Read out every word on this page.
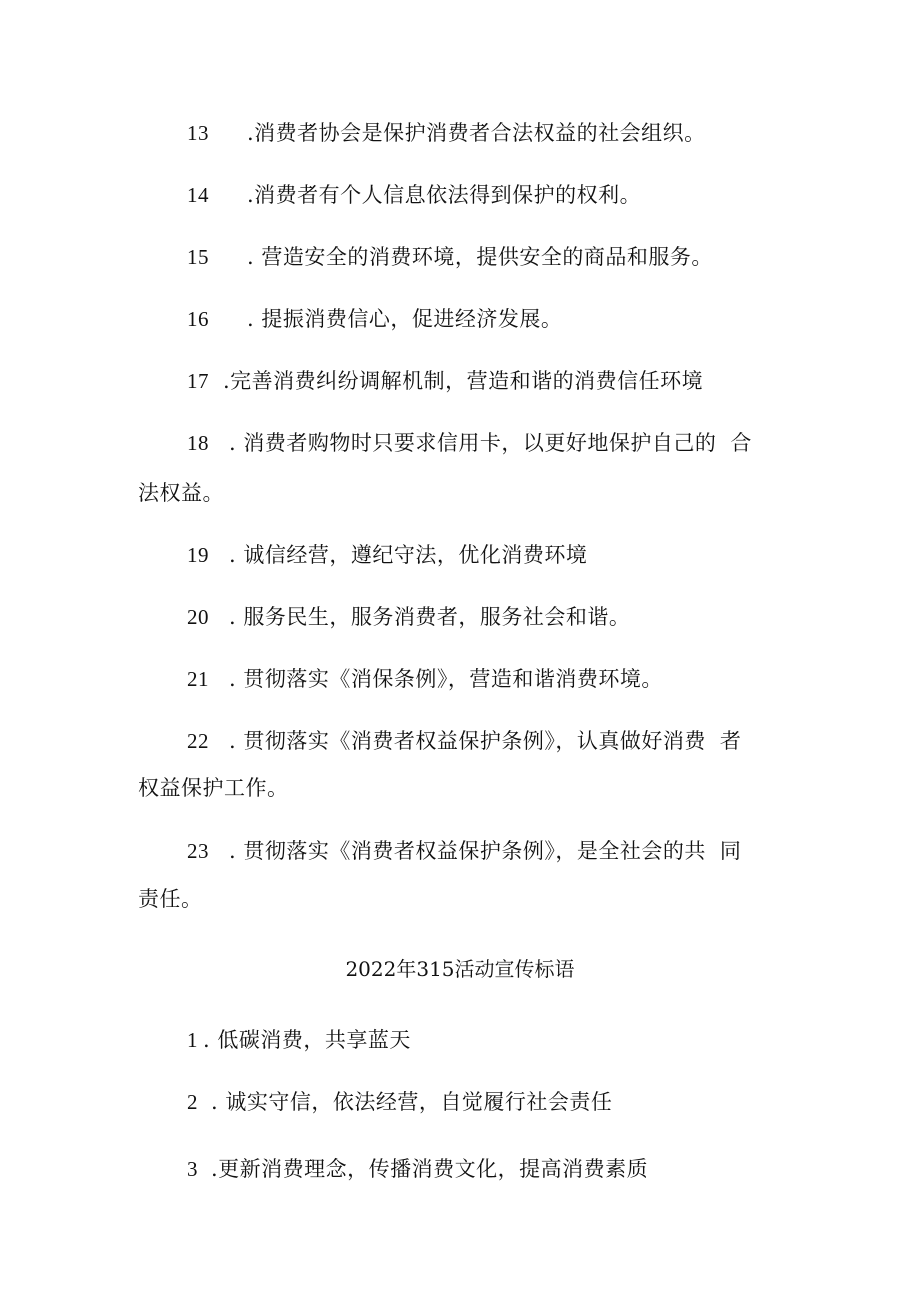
13 .消费者协会是保护消费者合法权益的社会组织。

14 .消费者有个人信息依法得到保护的权利。

15 . 营造安全的消费环境，提供安全的商品和服务。

16 . 提振消费信心，促进经济发展。

17 .完善消费纠纷调解机制，营造和谐的消费信任环境

18 . 消费者购物时只要求信用卡，以更好地保护自己的 合

法权益。

19 . 诚信经营，遵纪守法，优化消费环境

20 . 服务民生，服务消费者，服务社会和谐。

21 . 贯彻落实《消保条例》，营造和谐消费环境。

22 . 贯彻落实《消费者权益保护条例》，认真做好消费 者

权益保护工作。

23 . 贯彻落实《消费者权益保护条例》，是全社会的共 同

责任。

2022年315活动宣传标语

1 . 低碳消费，共享蓝天

2 . 诚实守信，依法经营，自觉履行社会责任

3 .更新消费理念，传播消费文化，提高消费素质
